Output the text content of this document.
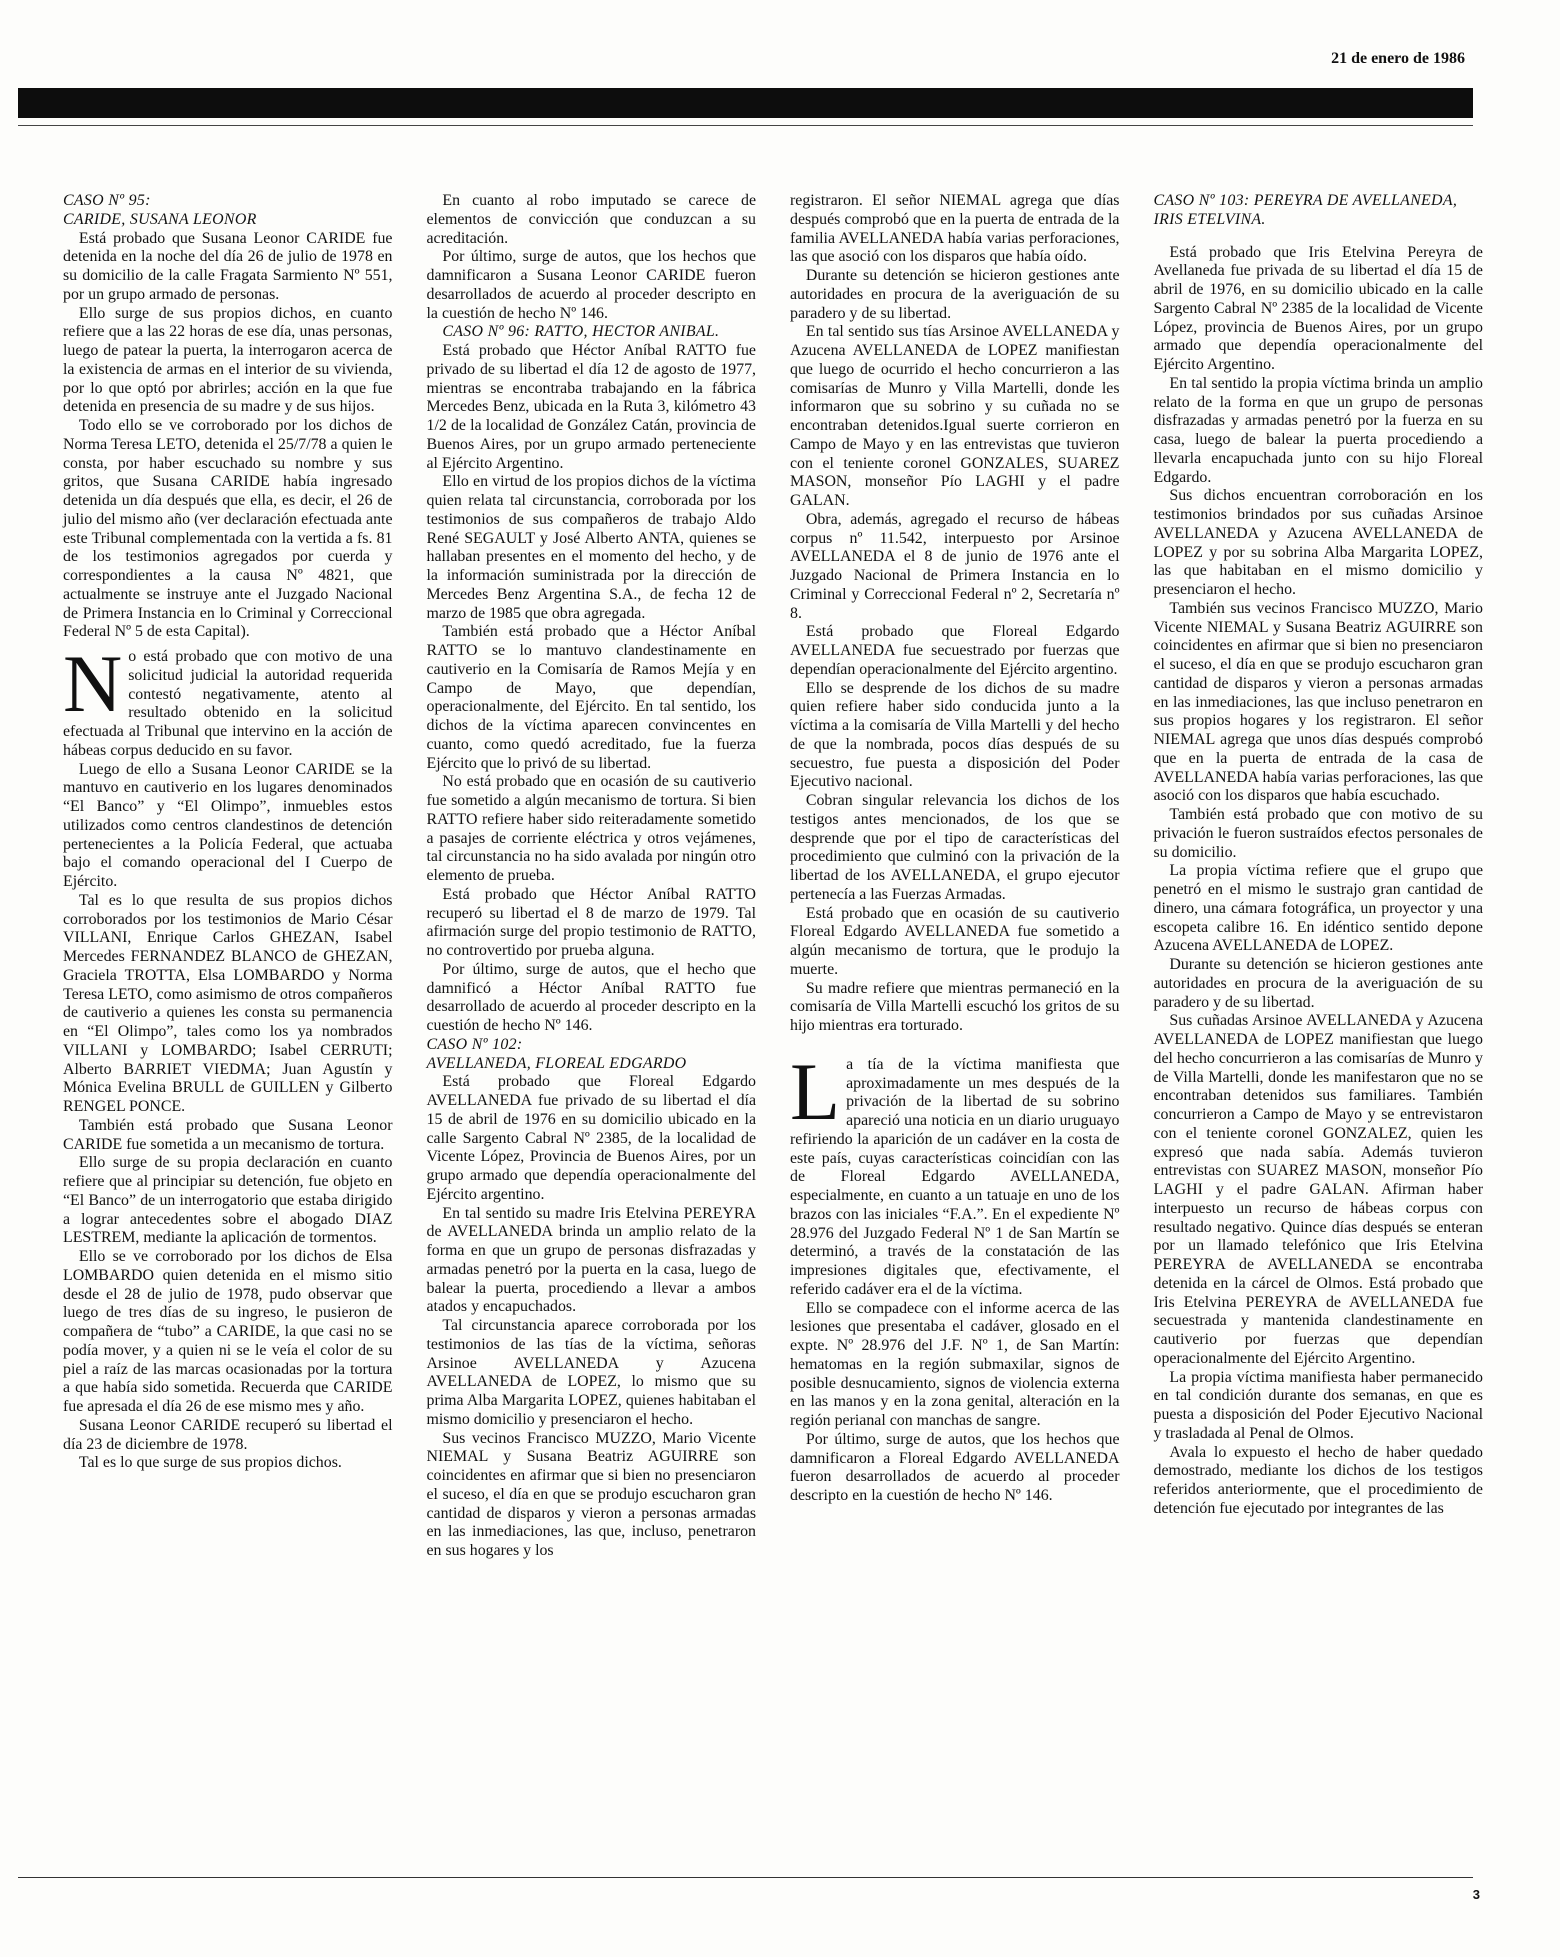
21 de enero de 1986
CASO Nº 95:
CARIDE, SUSANA LEONOR

Está probado que Susana Leonor CARIDE fue detenida en la noche del día 26 de julio de 1978 en su domicilio de la calle Fragata Sarmiento Nº 551, por un grupo armado de personas.

Ello surge de sus propios dichos, en cuanto refiere que a las 22 horas de ese día, unas personas, luego de patear la puerta, la interrogaron acerca de la existencia de armas en el interior de su vivienda, por lo que optó por abrirles; acción en la que fue detenida en presencia de su madre y de sus hijos.

Todo ello se ve corroborado por los dichos de Norma Teresa LETO, detenida el 25/7/78 a quien le consta, por haber escuchado su nombre y sus gritos, que Susana CARIDE había ingresado detenida un día después que ella, es decir, el 26 de julio del mismo año (ver declaración efectuada ante este Tribunal complementada con la vertida a fs. 81 de los testimonios agregados por cuerda y correspondientes a la causa Nº 4821, que actualmente se instruye ante el Juzgado Nacional de Primera Instancia en lo Criminal y Correccional Federal Nº 5 de esta Capital).

No está probado que con motivo de una solicitud judicial la autoridad requerida contestó negativamente, atento al resultado obtenido en la solicitud efectuada al Tribunal que intervino en la acción de hábeas corpus deducido en su favor.

Luego de ello a Susana Leonor CARIDE se la mantuvo en cautiverio en los lugares denominados “El Banco” y “El Olimpo”, inmuebles estos utilizados como centros clandestinos de detención pertenecientes a la Policía Federal, que actuaba bajo el comando operacional del I Cuerpo de Ejército.

Tal es lo que resulta de sus propios dichos corroborados por los testimonios de Mario César VILLANI, Enrique Carlos GHEZAN, Isabel Mercedes FERNANDEZ BLANCO de GHEZAN, Graciela TROTTA, Elsa LOMBARDO y Norma Teresa LETO, como asimismo de otros compañeros de cautiverio a quienes les consta su permanencia en “El Olimpo”, tales como los ya nombrados VILLANI y LOMBARDO; Isabel CERRUTI; Alberto BARRIET VIEDMA; Juan Agustín y Mónica Evelina BRULL de GUILLEN y Gilberto RENGEL PONCE.

También está probado que Susana Leonor CARIDE fue sometida a un mecanismo de tortura.

Ello surge de su propia declaración en cuanto refiere que al principiar su detención, fue objeto en “El Banco” de un interrogatorio que estaba dirigido a lograr antecedentes sobre el abogado DIAZ LESTREM, mediante la aplicación de tormentos.

Ello se ve corroborado por los dichos de Elsa LOMBARDO quien detenida en el mismo sitio desde el 28 de julio de 1978, pudo observar que luego de tres días de su ingreso, le pusieron de compañera de “tubo” a CARIDE, la que casi no se podía mover, y a quien ni se le veía el color de su piel a raíz de las marcas ocasionadas por la tortura a que había sido sometida. Recuerda que CARIDE fue apresada el día 26 de ese mismo mes y año.

Susana Leonor CARIDE recuperó su libertad el día 23 de diciembre de 1978.

Tal es lo que surge de sus propios dichos.

En cuanto al robo imputado se carece de elementos de convicción que conduzcan a su acreditación.

Por último, surge de autos, que los hechos que damnificaron a Susana Leonor CARIDE fueron desarrollados de acuerdo al proceder descripto en la cuestión de hecho Nº 146.

CASO Nº 96: RATTO, HECTOR ANIBAL.

Está probado que Héctor Aníbal RATTO fue privado de su libertad el día 12 de agosto de 1977, mientras se encontraba trabajando en la fábrica Mercedes Benz, ubicada en la Ruta 3, kilómetro 43 1/2 de la localidad de González Catán, provincia de Buenos Aires, por un grupo armado perteneciente al Ejército Argentino.

Ello en virtud de los propios dichos de la víctima quien relata tal circunstancia, corroborada por los testimonios de sus compañeros de trabajo Aldo René SEGAULT y José Alberto ANTA, quienes se hallaban presentes en el momento del hecho, y de la información suministrada por la dirección de Mercedes Benz Argentina S.A., de fecha 12 de marzo de 1985 que obra agregada.

También está probado que a Héctor Aníbal RATTO se lo mantuvo clandestinamente en cautiverio en la Comisaría de Ramos Mejía y en Campo de Mayo, que dependían, operacionalmente, del Ejército. En tal sentido, los dichos de la víctima aparecen convincentes en cuanto, como quedó acreditado, fue la fuerza Ejército que lo privó de su libertad.

No está probado que en ocasión de su cautiverio fue sometido a algún mecanismo de tortura. Si bien RATTO refiere haber sido reiteradamente sometido a pasajes de corriente eléctrica y otros vejámenes, tal circunstancia no ha sido avalada por ningún otro elemento de prueba.

Está probado que Héctor Aníbal RATTO recuperó su libertad el 8 de marzo de 1979. Tal afirmación surge del propio testimonio de RATTO, no controvertido por prueba alguna.

Por último, surge de autos, que el hecho que damnificó a Héctor Aníbal RATTO fue desarrollado de acuerdo al proceder descripto en la cuestión de hecho Nº 146.

CASO Nº 102:
AVELLANEDA, FLOREAL EDGARDO

Está probado que Floreal Edgardo AVELLANEDA fue privado de su libertad el día 15 de abril de 1976 en su domicilio ubicado en la calle Sargento Cabral Nº 2385, de la localidad de Vicente López, Provincia de Buenos Aires, por un grupo armado que dependía operacionalmente del Ejército argentino.

En tal sentido su madre Iris Etelvina PEREYRA de AVELLANEDA brinda un amplio relato de la forma en que un grupo de personas disfrazadas y armadas penetró por la puerta en la casa, luego de balear la puerta, procediendo a llevar a ambos atados y encapuchados.

Tal circunstancia aparece corroborada por los testimonios de las tías de la víctima, señoras Arsinoe AVELLANEDA y Azucena AVELLANEDA de LOPEZ, lo mismo que su prima Alba Margarita LOPEZ, quienes habitaban el mismo domicilio y presenciaron el hecho.

Sus vecinos Francisco MUZZO, Mario Vicente NIEMAL y Susana Beatriz AGUIRRE son coincidentes en afirmar que si bien no presenciaron el suceso, el día en que se produjo escucharon gran cantidad de disparos y vieron a personas armadas en las inmediaciones, las que, incluso, penetraron en sus hogares y los

registraron. El señor NIEMAL agrega que días después comprobó que en la puerta de entrada de la familia AVELLANEDA había varias perforaciones, las que asoció con los disparos que había oído.

Durante su detención se hicieron gestiones ante autoridades en procura de la averiguación de su paradero y de su libertad.

En tal sentido sus tías Arsinoe AVELLANEDA y Azucena AVELLANEDA de LOPEZ manifiestan que luego de ocurrido el hecho concurrieron a las comisarías de Munro y Villa Martelli, donde les informaron que su sobrino y su cuñada no se encontraban detenidos.Igual suerte corrieron en Campo de Mayo y en las entrevistas que tuvieron con el teniente coronel GONZALES, SUAREZ MASON, monseñor Pío LAGHI y el padre GALAN.

Obra, además, agregado el recurso de hábeas corpus nº 11.542, interpuesto por Arsinoe AVELLANEDA el 8 de junio de 1976 ante el Juzgado Nacional de Primera Instancia en lo Criminal y Correccional Federal nº 2, Secretaría nº 8.

Está probado que Floreal Edgardo AVELLANEDA fue secuestrado por fuerzas que dependían operacionalmente del Ejército argentino.

Ello se desprende de los dichos de su madre quien refiere haber sido conducida junto a la víctima a la comisaría de Villa Martelli y del hecho de que la nombrada, pocos días después de su secuestro, fue puesta a disposición del Poder Ejecutivo nacional.

Cobran singular relevancia los dichos de los testigos antes mencionados, de los que se desprende que por el tipo de características del procedimiento que culminó con la privación de la libertad de los AVELLANEDA, el grupo ejecutor pertenecía a las Fuerzas Armadas.

Está probado que en ocasión de su cautiverio Floreal Edgardo AVELLANEDA fue sometido a algún mecanismo de tortura, que le produjo la muerte.

Su madre refiere que mientras permaneció en la comisaría de Villa Martelli escuchó los gritos de su hijo mientras era torturado.

La tía de la víctima manifiesta que aproximadamente un mes después de la privación de la libertad de su sobrino apareció una noticia en un diario uruguayo refiriendo la aparición de un cadáver en la costa de este país, cuyas características coincidían con las de Floreal Edgardo AVELLANEDA, especialmente, en cuanto a un tatuaje en uno de los brazos con las iniciales “F.A.”. En el expediente Nº 28.976 del Juzgado Federal Nº 1 de San Martín se determinó, a través de la constatación de las impresiones digitales que, efectivamente, el referido cadáver era el de la víctima.

Ello se compadece con el informe acerca de las lesiones que presentaba el cadáver, glosado en el expte. Nº 28.976 del J.F. Nº 1, de San Martín: hematomas en la región submaxilar, signos de posible desnucamiento, signos de violencia externa en las manos y en la zona genital, alteración en la región perianal con manchas de sangre.

Por último, surge de autos, que los hechos que damnificaron a Floreal Edgardo AVELLANEDA fueron desarrollados de acuerdo al proceder descripto en la cuestión de hecho Nº 146.

CASO Nº 103: PEREYRA DE AVELLANEDA, IRIS ETELVINA.

Está probado que Iris Etelvina Pereyra de Avellaneda fue privada de su libertad el día 15 de abril de 1976, en su domicilio ubicado en la calle Sargento Cabral Nº 2385 de la localidad de Vicente López, provincia de Buenos Aires, por un grupo armado que dependía operacionalmente del Ejército Argentino.

En tal sentido la propia víctima brinda un amplio relato de la forma en que un grupo de personas disfrazadas y armadas penetró por la fuerza en su casa, luego de balear la puerta procediendo a llevarla encapuchada junto con su hijo Floreal Edgardo.

Sus dichos encuentran corroboración en los testimonios brindados por sus cuñadas Arsinoe AVELLANEDA y Azucena AVELLANEDA de LOPEZ y por su sobrina Alba Margarita LOPEZ, las que habitaban en el mismo domicilio y presenciaron el hecho.

También sus vecinos Francisco MUZZO, Mario Vicente NIEMAL y Susana Beatriz AGUIRRE son coincidentes en afirmar que si bien no presenciaron el suceso, el día en que se produjo escucharon gran cantidad de disparos y vieron a personas armadas en las inmediaciones, las que incluso penetraron en sus propios hogares y los registraron. El señor NIEMAL agrega que unos días después comprobó que en la puerta de entrada de la casa de AVELLANEDA había varias perforaciones, las que asoció con los disparos que había escuchado.

También está probado que con motivo de su privación le fueron sustraídos efectos personales de su domicilio.

La propia víctima refiere que el grupo que penetró en el mismo le sustrajo gran cantidad de dinero, una cámara fotográfica, un proyector y una escopeta calibre 16. En idéntico sentido depone Azucena AVELLANEDA de LOPEZ.

Durante su detención se hicieron gestiones ante autoridades en procura de la averiguación de su paradero y de su libertad.

Sus cuñadas Arsinoe AVELLANEDA y Azucena AVELLANEDA de LOPEZ manifiestan que luego del hecho concurrieron a las comisarías de Munro y de Villa Martelli, donde les manifestaron que no se encontraban detenidos sus familiares. También concurrieron a Campo de Mayo y se entrevistaron con el teniente coronel GONZALEZ, quien les expresó que nada sabía. Además tuvieron entrevistas con SUAREZ MASON, monseñor Pío LAGHI y el padre GALAN. Afirman haber interpuesto un recurso de hábeas corpus con resultado negativo. Quince días después se enteran por un llamado telefónico que Iris Etelvina PEREYRA de AVELLANEDA se encontraba detenida en la cárcel de Olmos. Está probado que Iris Etelvina PEREYRA de AVELLANEDA fue secuestrada y mantenida clandestinamente en cautiverio por fuerzas que dependían operacionalmente del Ejército Argentino.

La propia víctima manifiesta haber permanecido en tal condición durante dos semanas, en que es puesta a disposición del Poder Ejecutivo Nacional y trasladada al Penal de Olmos.

Avala lo expuesto el hecho de haber quedado demostrado, mediante los dichos de los testigos referidos anteriormente, que el procedimiento de detención fue ejecutado por integrantes de las

3
